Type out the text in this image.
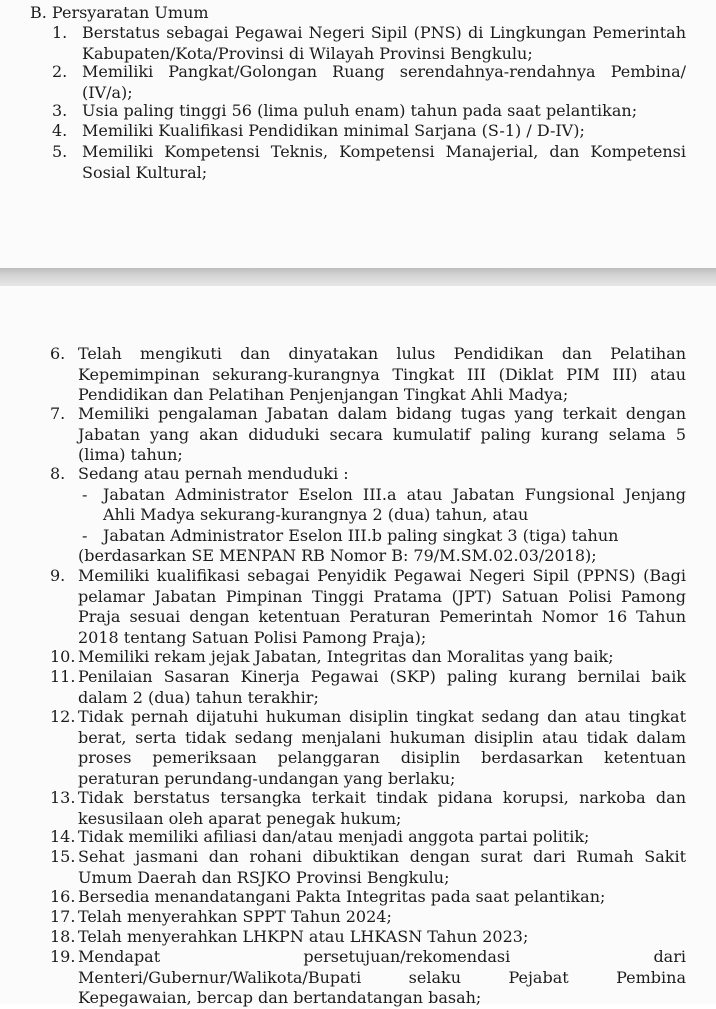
B. Persyaratan Umum
1. Berstatus sebagai Pegawai Negeri Sipil (PNS) di Lingkungan Pemerintah Kabupaten/Kota/Provinsi di Wilayah Provinsi Bengkulu;
2. Memiliki Pangkat/Golongan Ruang serendahnya-rendahnya Pembina/ (IV/a);
3. Usia paling tinggi 56 (lima puluh enam) tahun pada saat pelantikan;
4. Memiliki Kualifikasi Pendidikan minimal Sarjana (S-1) / D-IV);
5. Memiliki Kompetensi Teknis, Kompetensi Manajerial, dan Kompetensi Sosial Kultural;
6. Telah mengikuti dan dinyatakan lulus Pendidikan dan Pelatihan Kepemimpinan sekurang-kurangnya Tingkat III (Diklat PIM III) atau Pendidikan dan Pelatihan Penjenjangan Tingkat Ahli Madya;
7. Memiliki pengalaman Jabatan dalam bidang tugas yang terkait dengan Jabatan yang akan diduduki secara kumulatif paling kurang selama 5 (lima) tahun;
8. Sedang atau pernah menduduki :
- Jabatan Administrator Eselon III.a atau Jabatan Fungsional Jenjang Ahli Madya sekurang-kurangnya 2 (dua) tahun, atau
- Jabatan Administrator Eselon III.b paling singkat 3 (tiga) tahun
(berdasarkan SE MENPAN RB Nomor B: 79/M.SM.02.03/2018);
9. Memiliki kualifikasi sebagai Penyidik Pegawai Negeri Sipil (PPNS) (Bagi pelamar Jabatan Pimpinan Tinggi Pratama (JPT) Satuan Polisi Pamong Praja sesuai dengan ketentuan Peraturan Pemerintah Nomor 16 Tahun 2018 tentang Satuan Polisi Pamong Praja);
10. Memiliki rekam jejak Jabatan, Integritas dan Moralitas yang baik;
11. Penilaian Sasaran Kinerja Pegawai (SKP) paling kurang bernilai baik dalam 2 (dua) tahun terakhir;
12. Tidak pernah dijatuhi hukuman disiplin tingkat sedang dan atau tingkat berat, serta tidak sedang menjalani hukuman disiplin atau tidak dalam proses pemeriksaan pelanggaran disiplin berdasarkan ketentuan peraturan perundang-undangan yang berlaku;
13. Tidak berstatus tersangka terkait tindak pidana korupsi, narkoba dan kesusilaan oleh aparat penegak hukum;
14. Tidak memiliki afiliasi dan/atau menjadi anggota partai politik;
15. Sehat jasmani dan rohani dibuktikan dengan surat dari Rumah Sakit Umum Daerah dan RSJKO Provinsi Bengkulu;
16. Bersedia menandatangani Pakta Integritas pada saat pelantikan;
17. Telah menyerahkan SPPT Tahun 2024;
18. Telah menyerahkan LHKPN atau LHKASN Tahun 2023;
19. Mendapat	persetujuan/rekomendasi	dari
Menteri/Gubernur/Walikota/Bupati	selaku	Pejabat	Pembina
Kepegawaian, bercap dan bertandatangan basah;
